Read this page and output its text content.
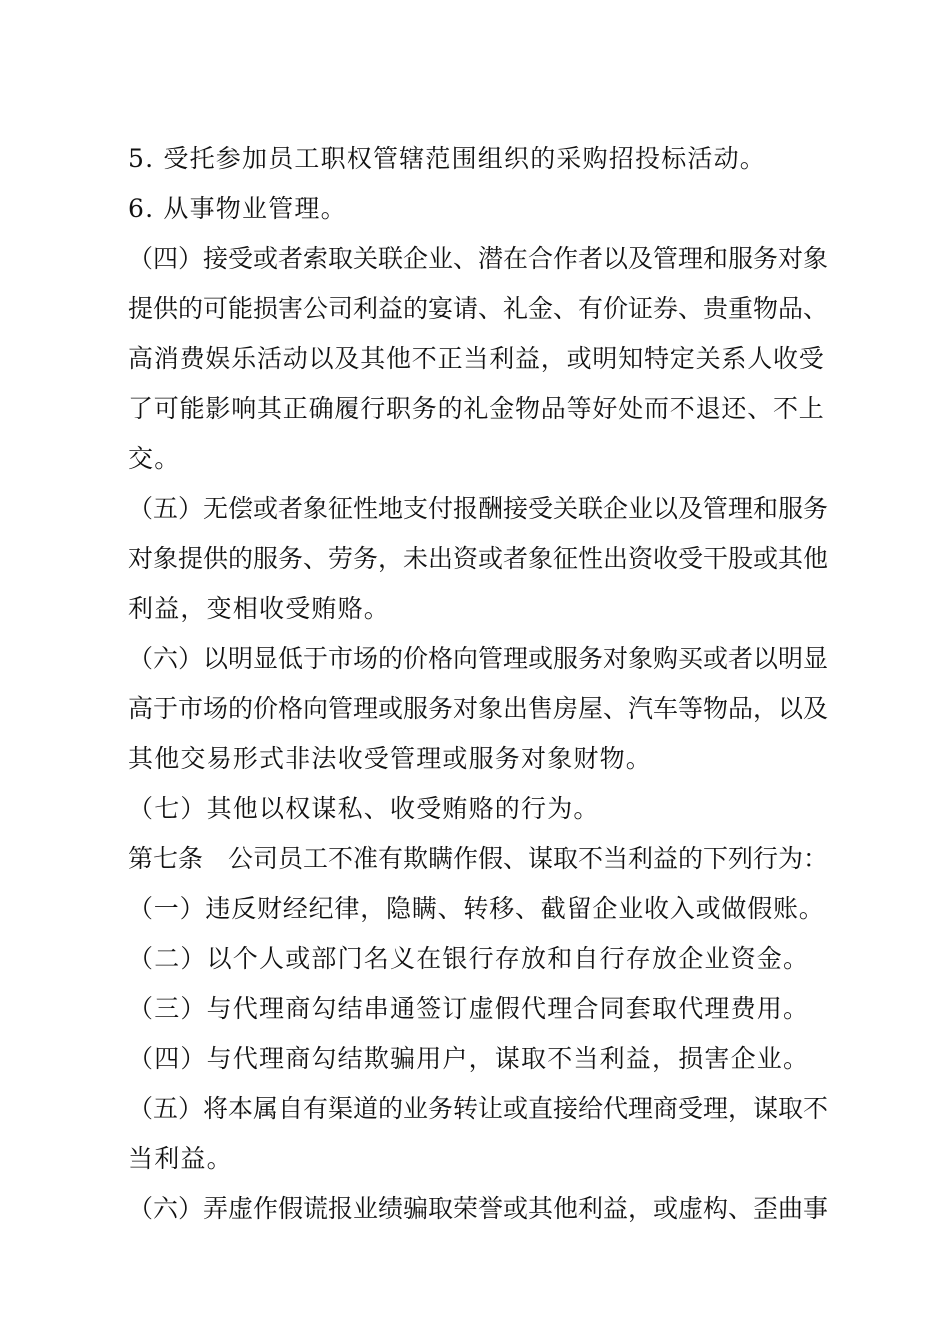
5. 受托参加员工职权管辖范围组织的采购招投标活动。
6. 从事物业管理。
（四）接受或者索取关联企业、潜在合作者以及管理和服务对象
提供的可能损害公司利益的宴请、礼金、有价证券、贵重物品、
高消费娱乐活动以及其他不正当利益，或明知特定关系人收受
了可能影响其正确履行职务的礼金物品等好处而不退还、不上
交。
（五）无偿或者象征性地支付报酬接受关联企业以及管理和服务
对象提供的服务、劳务，未出资或者象征性出资收受干股或其他
利益，变相收受贿赂。
（六）以明显低于市场的价格向管理或服务对象购买或者以明显
高于市场的价格向管理或服务对象出售房屋、汽车等物品，以及
其他交易形式非法收受管理或服务对象财物。
（七）其他以权谋私、收受贿赂的行为。
第七条　公司员工不准有欺瞒作假、谋取不当利益的下列行为：
（一）违反财经纪律，隐瞒、转移、截留企业收入或做假账。
（二）以个人或部门名义在银行存放和自行存放企业资金。
（三）与代理商勾结串通签订虚假代理合同套取代理费用。
（四）与代理商勾结欺骗用户，谋取不当利益，损害企业。
（五）将本属自有渠道的业务转让或直接给代理商受理，谋取不
当利益。
（六）弄虚作假谎报业绩骗取荣誉或其他利益，或虚构、歪曲事
